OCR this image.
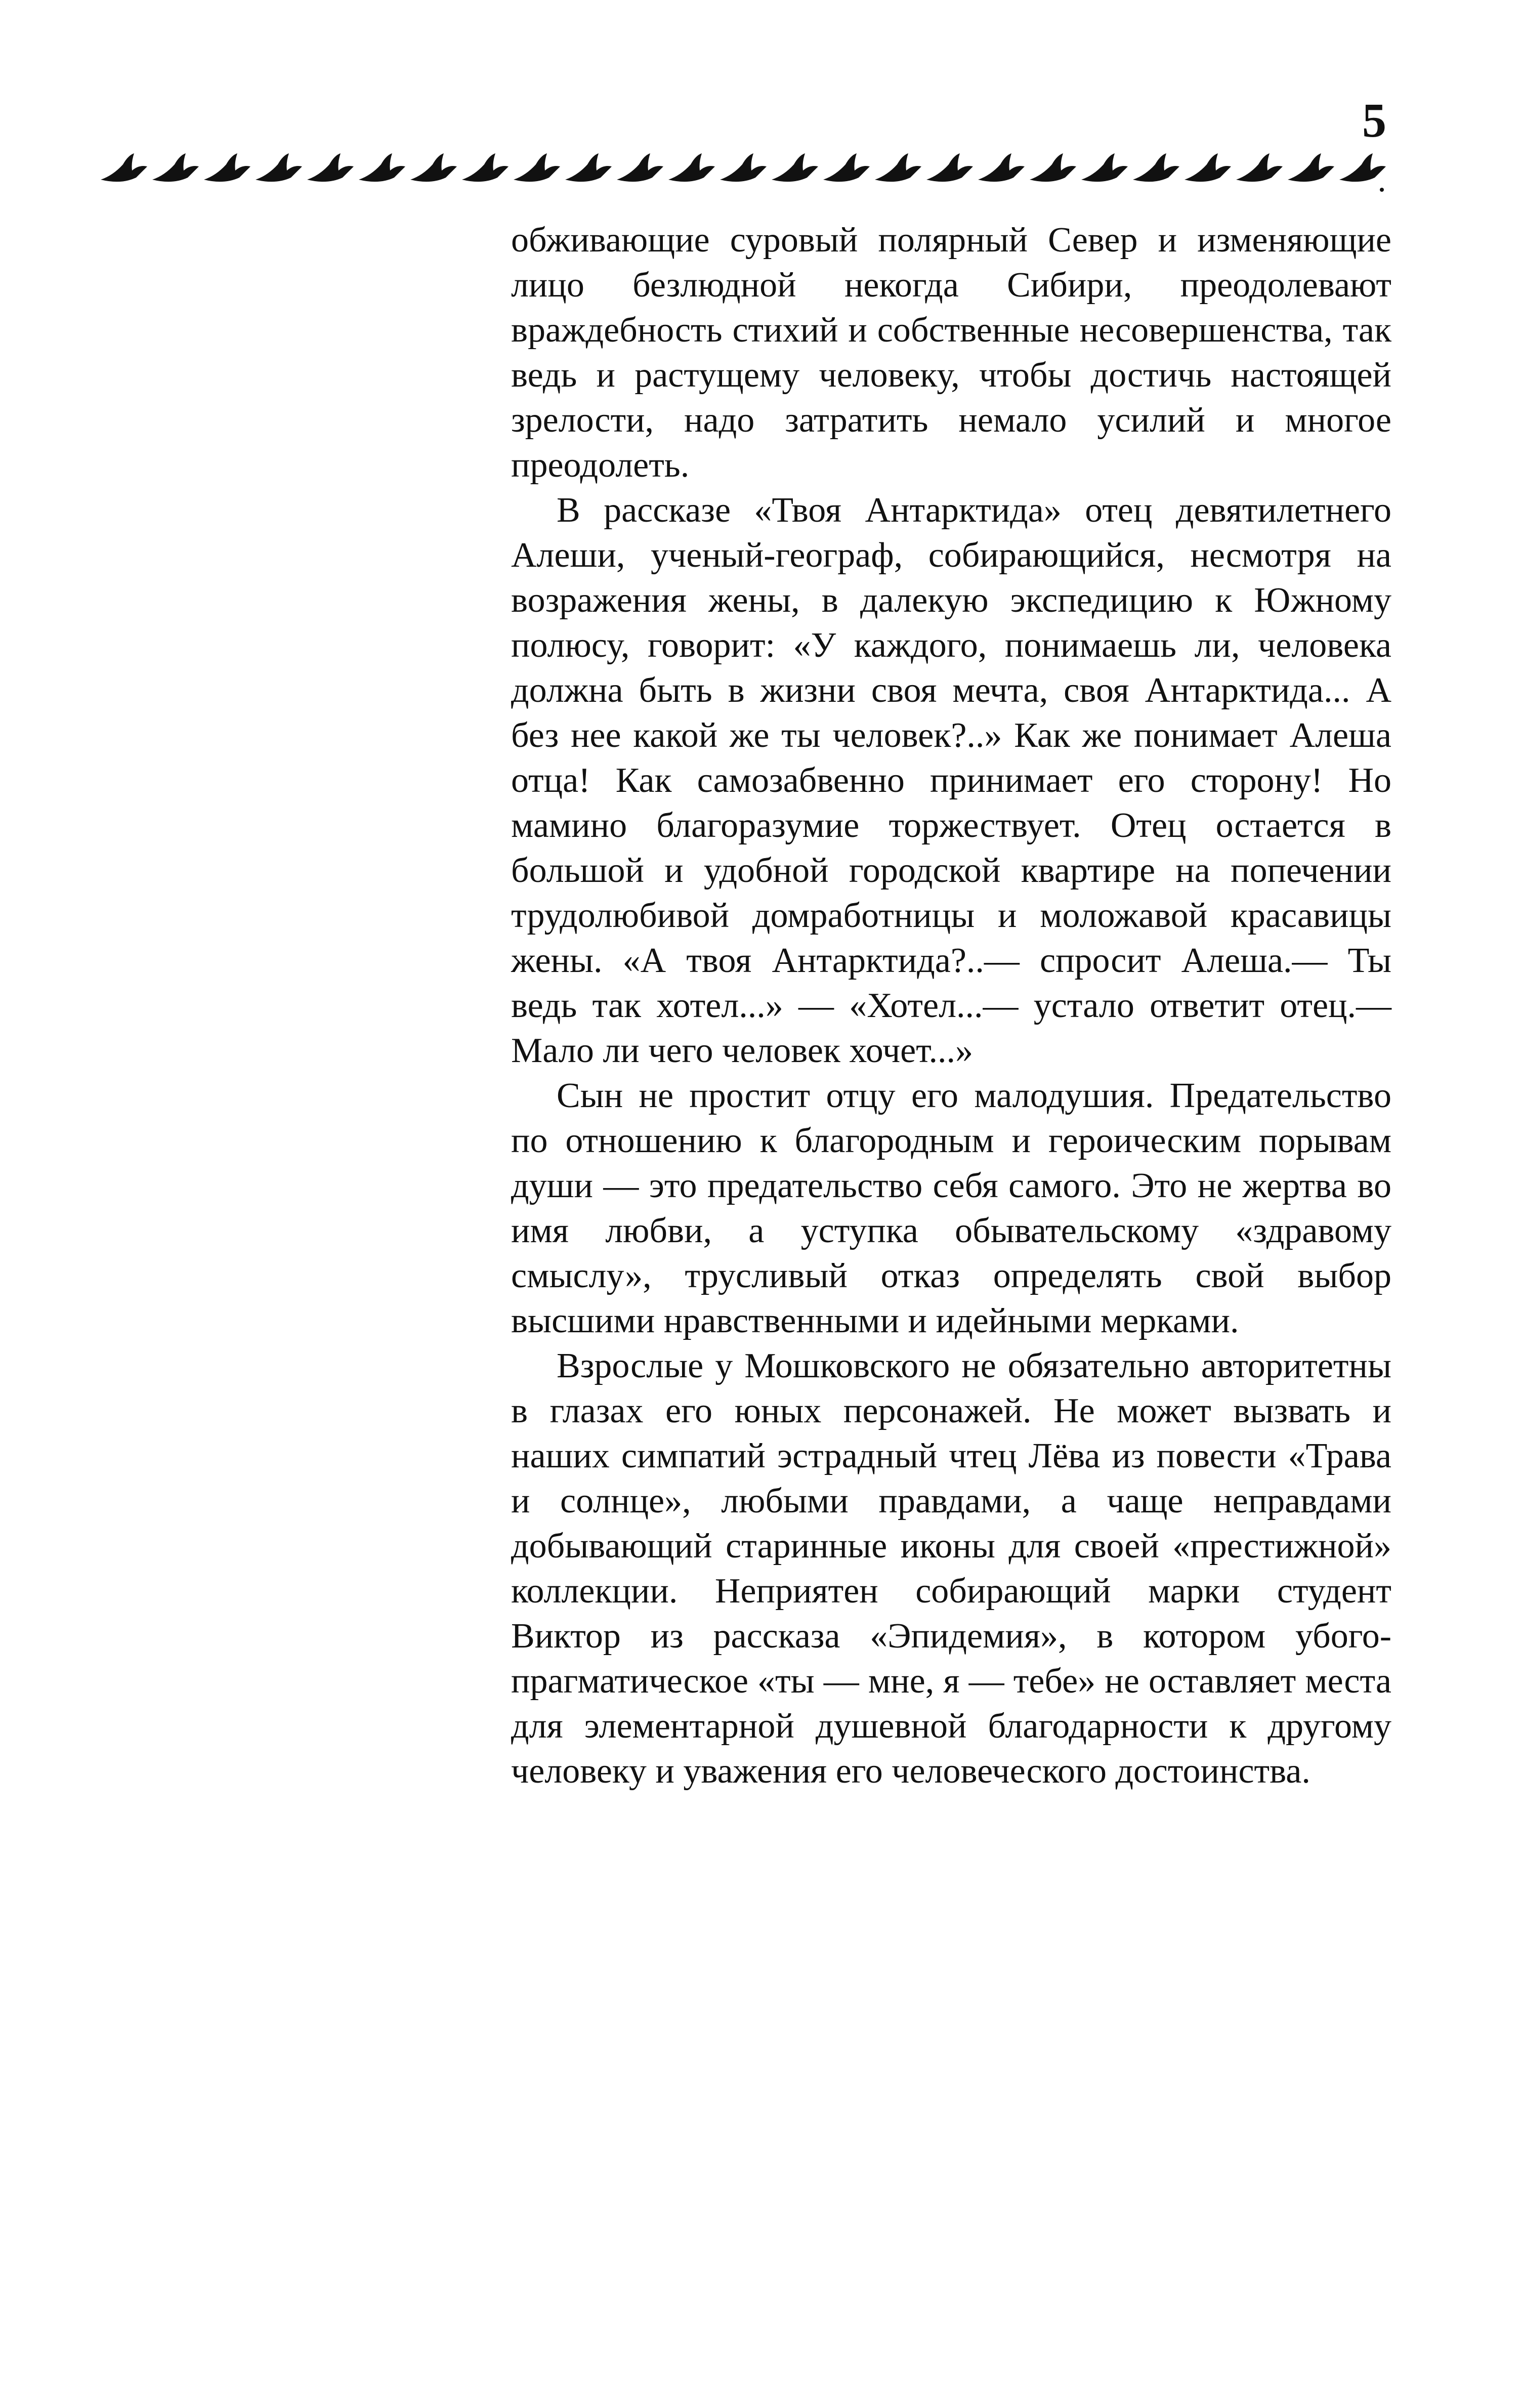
5

обживающие суровый полярный Север и изменяющие лицо безлюдной некогда Сибири, преодолевают враждебность стихий и собственные несовершенства, так ведь и растущему человеку, чтобы достичь настоящей зрелости, надо затратить немало усилий и многое преодолеть.

В рассказе «Твоя Антарктида» отец девятилетнего Алеши, ученый-географ, собирающийся, несмотря на возражения жены, в далекую экспедицию к Южному полюсу, говорит: «У каждого, понимаешь ли, человека должна быть в жизни своя мечта, своя Антарктида... А без нее какой же ты человек?..» Как же понимает Алеша отца! Как самозабвенно принимает его сторону! Но мамино благоразумие торжествует. Отец остается в большой и удобной городской квартире на попечении трудолюбивой домработницы и моложавой красавицы жены. «А твоя Антарктида?..— спросит Алеша.— Ты ведь так хотел...» — «Хотел...— устало ответит отец.— Мало ли чего человек хочет...»

Сын не простит отцу его малодушия. Предательство по отношению к благородным и героическим порывам души — это предательство себя самого. Это не жертва во имя любви, а уступка обывательскому «здравому смыслу», трусливый отказ определять свой выбор высшими нравственными и идейными мерками.

Взрослые у Мошковского не обязательно авторитетны в глазах его юных персонажей. Не может вызвать и наших симпатий эстрадный чтец Лёва из повести «Трава и солнце», любыми правдами, а чаще неправдами добывающий старинные иконы для своей «престижной» коллекции. Неприятен собирающий марки студент Виктор из рассказа «Эпидемия», в котором убого-прагматическое «ты — мне, я — тебе» не оставляет места для элементарной душевной благодарности к другому человеку и уважения его человеческого достоинства.
